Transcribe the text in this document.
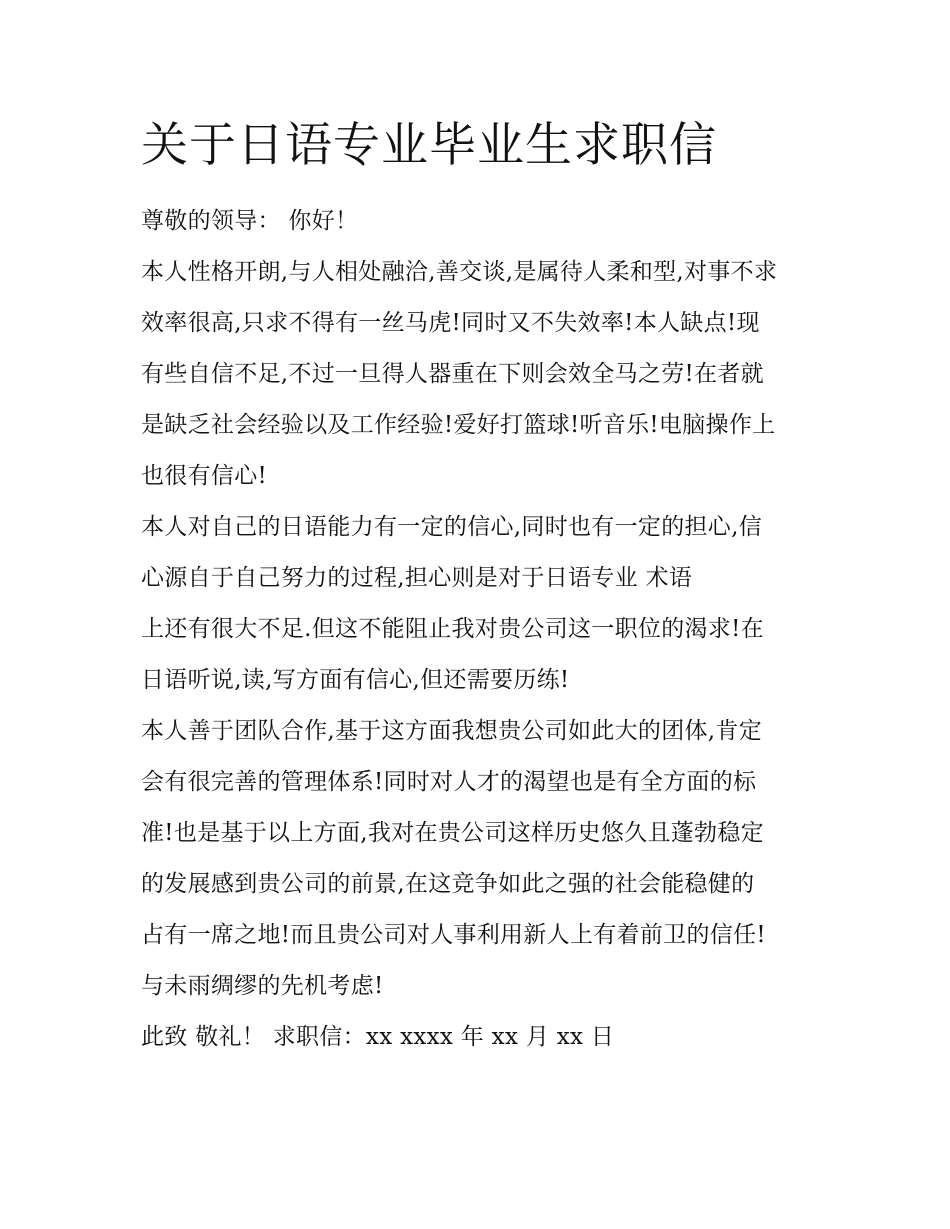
关于日语专业毕业生求职信
尊敬的领导： 你好！
本人性格开朗,与人相处融洽,善交谈,是属待人柔和型,对事不求
效率很高,只求不得有一丝马虎!同时又不失效率!本人缺点!现
有些自信不足,不过一旦得人器重在下则会效全马之劳!在者就
是缺乏社会经验以及工作经验!爱好打篮球!听音乐!电脑操作上
也很有信心!
本人对自己的日语能力有一定的信心,同时也有一定的担心,信
心源自于自己努力的过程,担心则是对于日语专业 术语
上还有很大不足.但这不能阻止我对贵公司这一职位的渴求!在
日语听说,读,写方面有信心,但还需要历练!
本人善于团队合作,基于这方面我想贵公司如此大的团体,肯定
会有很完善的管理体系!同时对人才的渴望也是有全方面的标
准!也是基于以上方面,我对在贵公司这样历史悠久且蓬勃稳定
的发展感到贵公司的前景,在这竞争如此之强的社会能稳健的
占有一席之地!而且贵公司对人事利用新人上有着前卫的信任!
与未雨绸缪的先机考虑!
此致 敬礼！ 求职信：xx xxxx 年 xx 月 xx 日
